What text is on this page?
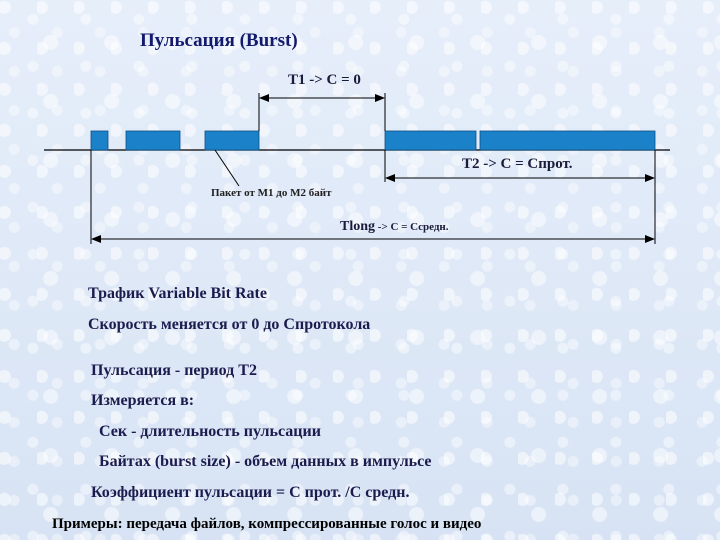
Пульсация (Burst)
T1 -> C = 0
T2 -> C = Cпрот.
Пакет от M1 до M2 байт
Tlong -> C = Ccредн.
Трафик Variable Bit Rate
Скорость меняется от 0 до Cпротокола
Пульсация - период T2
Измеряется в:
Сек - длительность пульсации
Байтах (burst size) - объем данных в импульсе
Коэффициент пульсации = C прот. /C средн.
Примеры: передача файлов, компрессированные голос и видео
